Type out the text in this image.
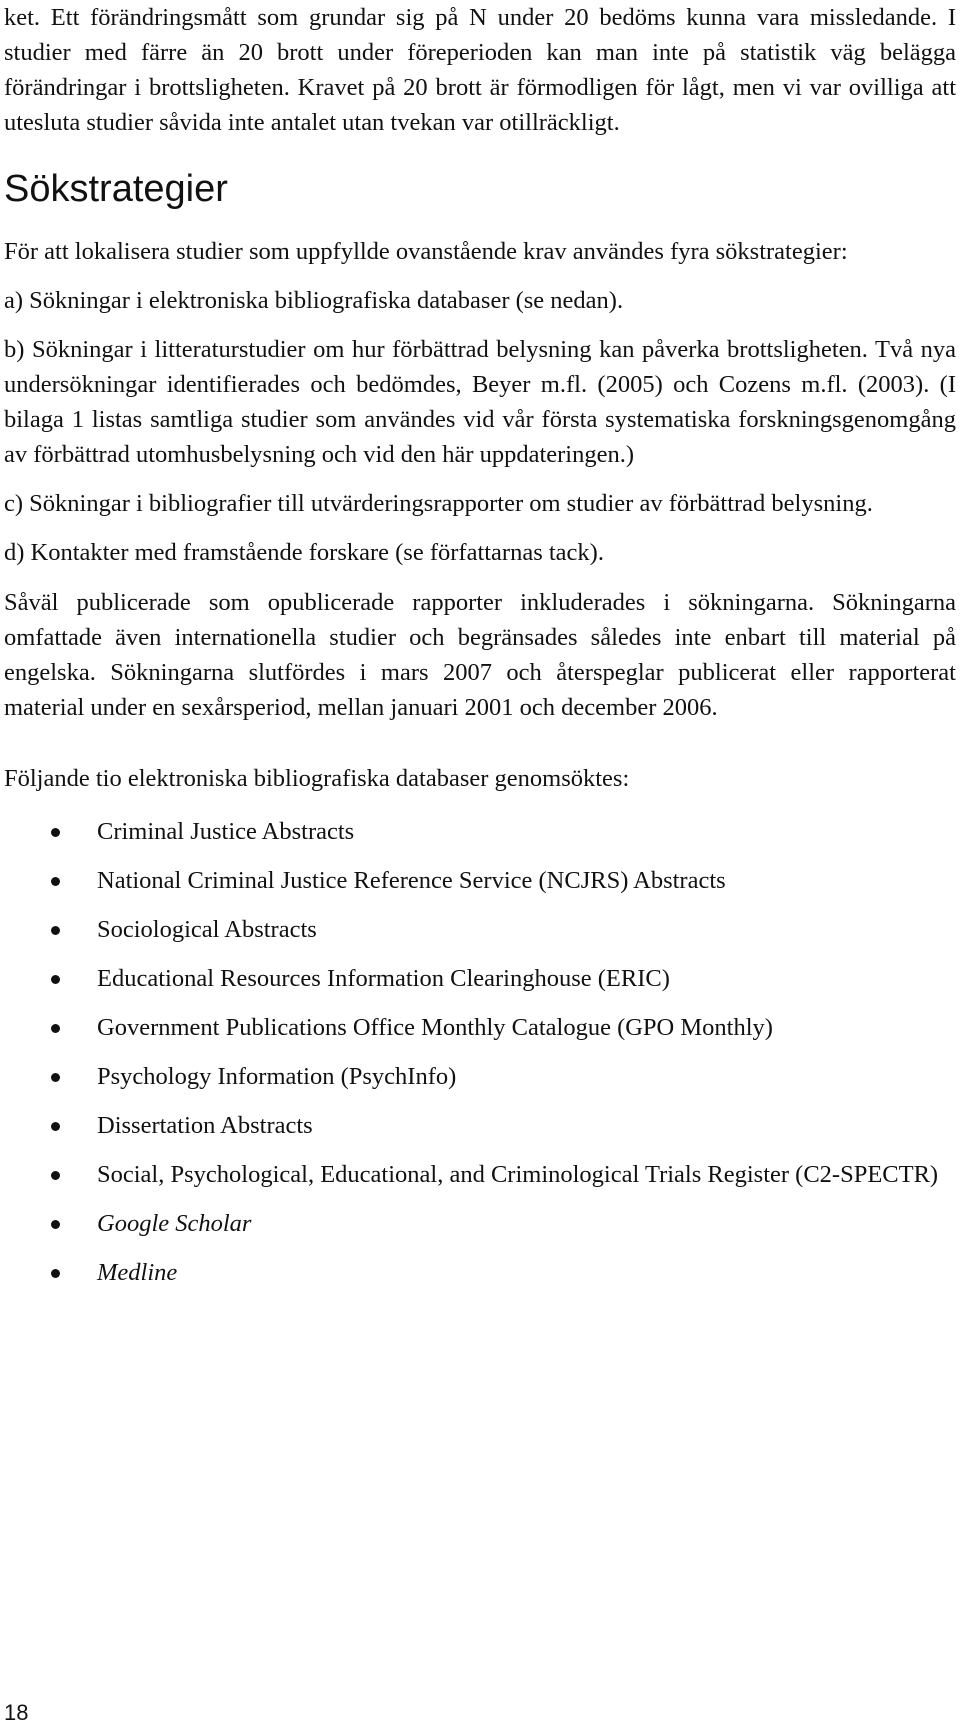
ket. Ett förändringsmått som grundar sig på N under 20 bedöms kunna vara missledande. I studier med färre än 20 brott under föreperioden kan man inte på statistik väg belägga förändringar i brottsligheten. Kravet på 20 brott är förmodligen för lågt, men vi var ovilliga att utesluta studier såvida inte antalet utan tvekan var otillräckligt.

Sökstrategier

För att lokalisera studier som uppfyllde ovanstående krav användes fyra sökstrategier:

a) Sökningar i elektroniska bibliografiska databaser (se nedan).

b) Sökningar i litteraturstudier om hur förbättrad belysning kan påverka brottsligheten. Två nya undersökningar identifierades och bedömdes, Beyer m.fl. (2005) och Cozens m.fl. (2003). (I bilaga 1 listas samtliga studier som användes vid vår första systematiska forskningsgenomgång av förbättrad utomhusbelysning och vid den här uppdateringen.)

c) Sökningar i bibliografier till utvärderingsrapporter om studier av förbättrad belysning.

d) Kontakter med framstående forskare (se författarnas tack).

Såväl publicerade som opublicerade rapporter inkluderades i sökningarna. Sökningarna omfattade även internationella studier och begränsades således inte enbart till material på engelska. Sökningarna slutfördes i mars 2007 och återspeglar publicerat eller rapporterat material under en sexårsperiod, mellan januari 2001 och december 2006.

Följande tio elektroniska bibliografiska databaser genomsöktes:

Criminal Justice Abstracts
National Criminal Justice Reference Service (NCJRS) Abstracts
Sociological Abstracts
Educational Resources Information Clearinghouse (ERIC)
Government Publications Office Monthly Catalogue (GPO Monthly)
Psychology Information (PsychInfo)
Dissertation Abstracts
Social, Psychological, Educational, and Criminological Trials Register (C2-SPECTR)
Google Scholar
Medline
18
